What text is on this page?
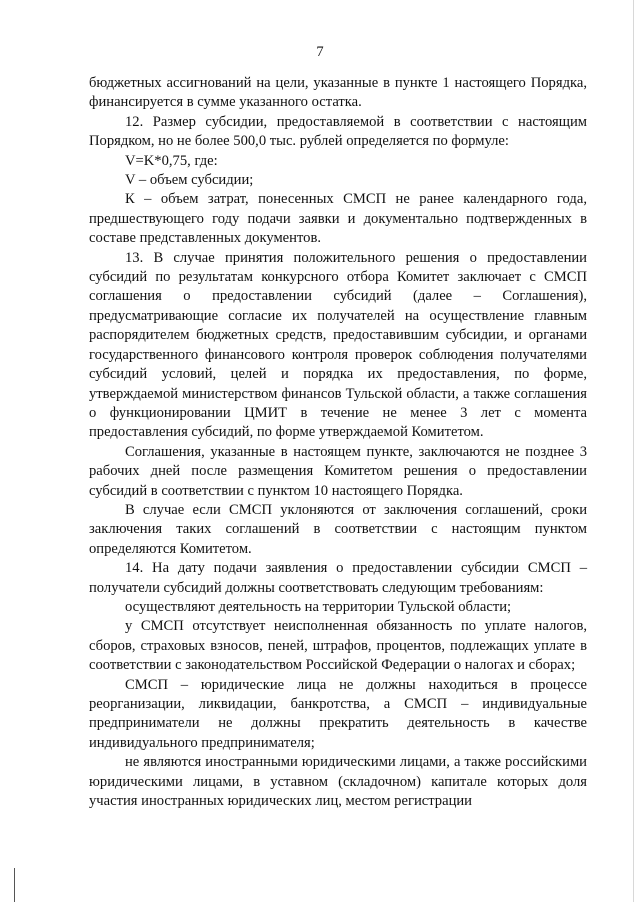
7

бюджетных ассигнований на цели, указанные в пункте 1 настоящего Порядка, финансируется в сумме указанного остатка.

12. Размер субсидии, предоставляемой в соответствии с настоящим Порядком, но не более 500,0 тыс. рублей определяется по формуле:

V=K*0,75, где:

V – объем субсидии;

К – объем затрат, понесенных СМСП не ранее календарного года, предшествующего году подачи заявки и документально подтвержденных в составе представленных документов.

13. В случае принятия положительного решения о предоставлении субсидий по результатам конкурсного отбора Комитет заключает с СМСП соглашения о предоставлении субсидий (далее – Соглашения), предусматривающие согласие их получателей на осуществление главным распорядителем бюджетных средств, предоставившим субсидии, и органами государственного финансового контроля проверок соблюдения получателями субсидий условий, целей и порядка их предоставления, по форме, утверждаемой министерством финансов Тульской области, а также соглашения о функционировании ЦМИТ в течение не менее 3 лет с момента предоставления субсидий, по форме утверждаемой Комитетом.

Соглашения, указанные в настоящем пункте, заключаются не позднее 3 рабочих дней после размещения Комитетом решения о предоставлении субсидий в соответствии с пунктом 10 настоящего Порядка.

В случае если СМСП уклоняются от заключения соглашений, сроки заключения таких соглашений в соответствии с настоящим пунктом определяются Комитетом.

14. На дату подачи заявления о предоставлении субсидии СМСП – получатели субсидий должны соответствовать следующим требованиям:

осуществляют деятельность на территории Тульской области;

у СМСП отсутствует неисполненная обязанность по уплате налогов, сборов, страховых взносов, пеней, штрафов, процентов, подлежащих уплате в соответствии с законодательством Российской Федерации о налогах и сборах;

СМСП – юридические лица не должны находиться в процессе реорганизации, ликвидации, банкротства, а СМСП – индивидуальные предприниматели не должны прекратить деятельность в качестве индивидуального предпринимателя;

не являются иностранными юридическими лицами, а также российскими юридическими лицами, в уставном (складочном) капитале которых доля участия иностранных юридических лиц, местом регистрации
